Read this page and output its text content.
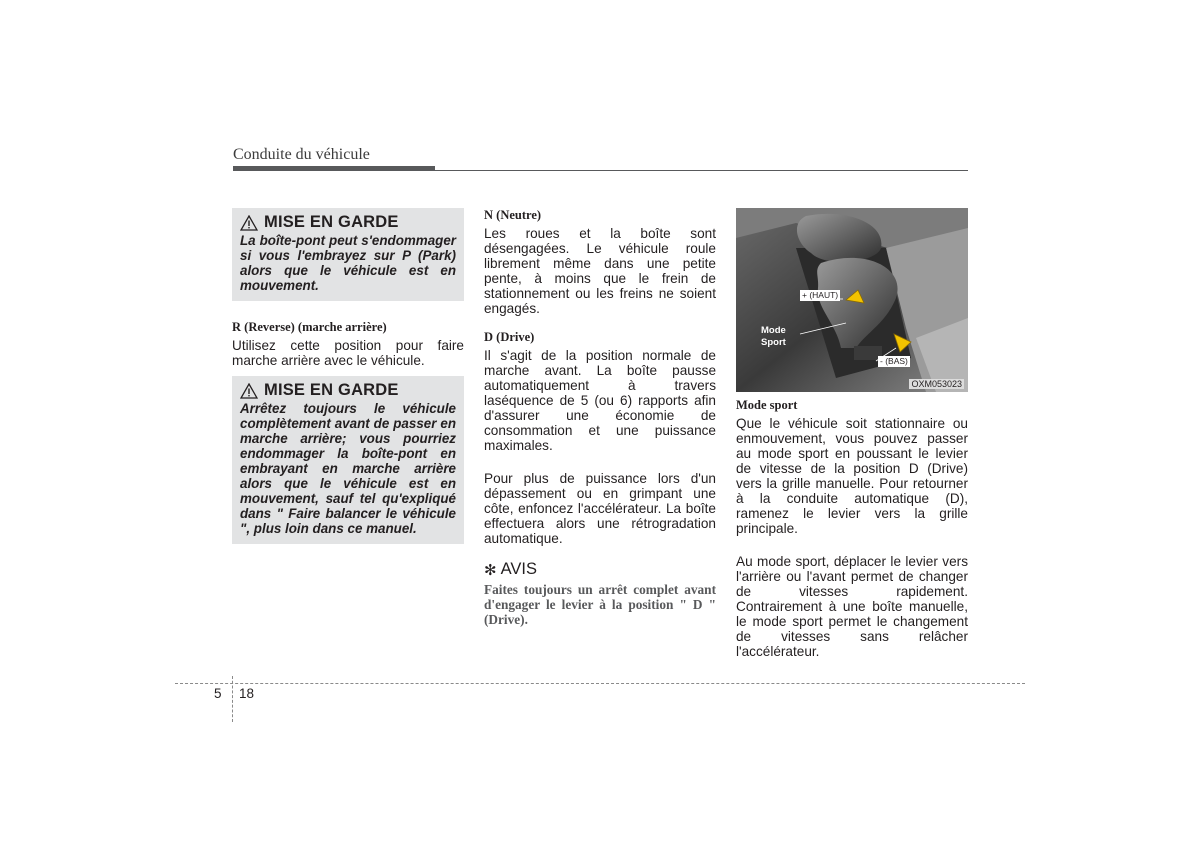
Conduite du véhicule
MISE EN GARDE

La boîte-pont peut s'endommager si vous l'embrayez sur P (Park) alors que le véhicule est en mouvement.

R (Reverse) (marche arrière)

Utilisez cette position pour faire marche arrière avec le véhicule.

MISE EN GARDE

Arrêtez toujours le véhicule complètement avant de passer en marche arrière; vous pourriez endommager la boîte-pont en embrayant en marche arrière alors que le véhicule est en mouvement, sauf tel qu'expliqué dans " Faire balancer le véhicule ", plus loin dans ce manuel.

N (Neutre)

Les roues et la boîte sont désengagées. Le véhicule roule librement même dans une petite pente, à moins que le frein de stationnement ou les freins ne soient engagés.

D (Drive)

Il s'agit de la position normale de marche avant. La boîte pausse automatiquement à travers laséquence de 5 (ou 6) rapports afin d'assurer une économie de consommation et une puissance maximales.

Pour plus de puissance lors d'un dépassement ou en grimpant une côte, enfoncez l'accélérateur. La boîte effectuera alors une rétrogradation automatique.

✻ AVIS

Faites toujours un arrêt complet avant d'engager le levier à la position " D " (Drive).

+ (HAUT)
Mode
Sport
- (BAS)
OXM053023

Mode sport

Que le véhicule soit stationnaire ou enmouvement, vous pouvez passer au mode sport en poussant le levier de vitesse de la position D (Drive) vers la grille manuelle. Pour retourner à la conduite automatique (D), ramenez le levier vers la grille principale.

Au mode sport, déplacer le levier vers l'arrière ou l'avant permet de changer de vitesses rapidement. Contrairement à une boîte manuelle, le mode sport permet le changement de vitesses sans relâcher l'accélérateur.

5 18
